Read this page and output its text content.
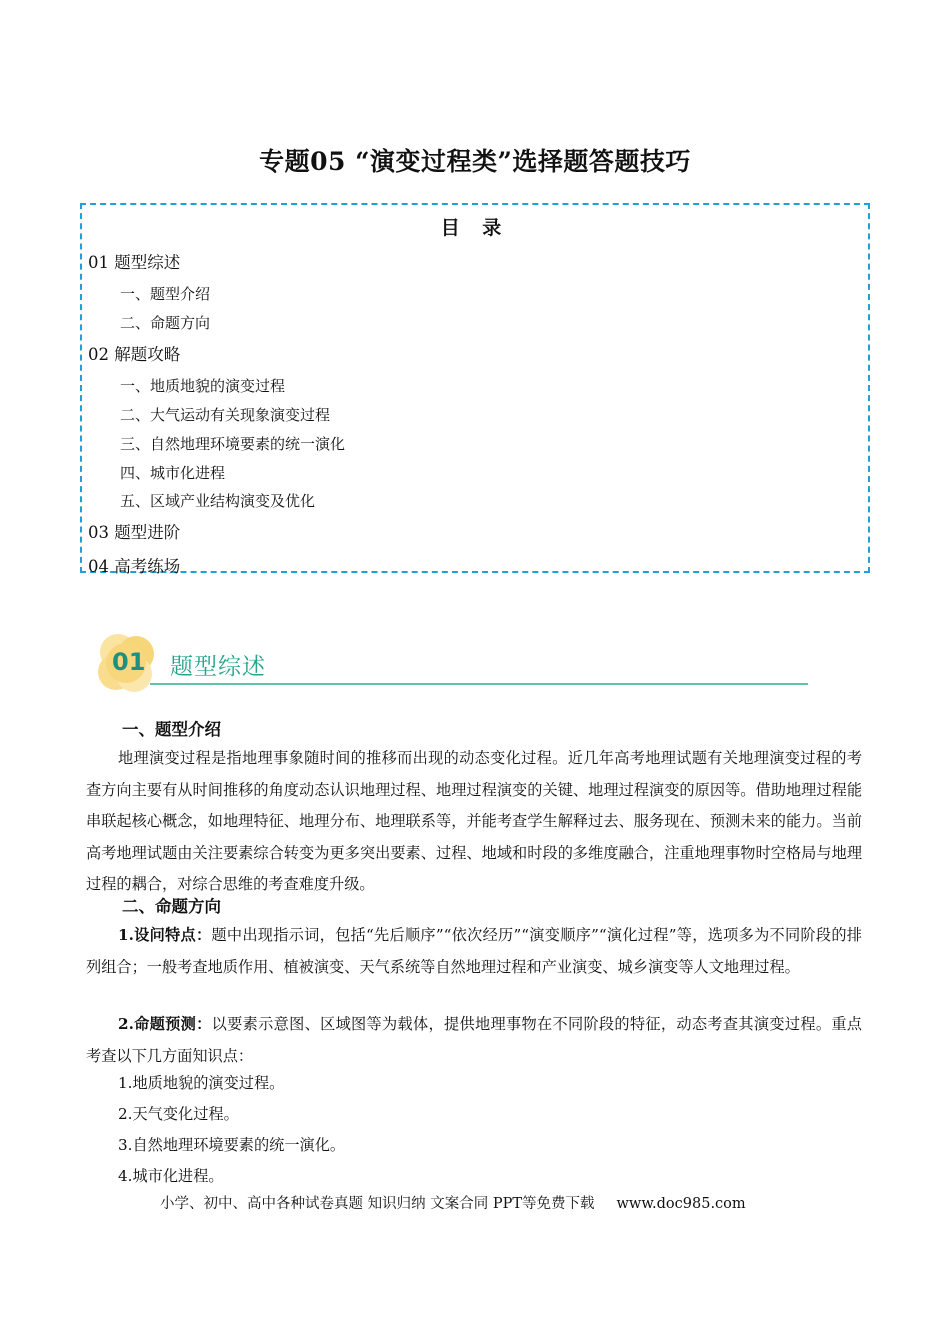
专题05 “演变过程类”选择题答题技巧
目 录
01 题型综述
一、题型介绍
二、命题方向
02 解题攻略
一、地质地貌的演变过程
二、大气运动有关现象演变过程
三、自然地理环境要素的统一演化
四、城市化进程
五、区域产业结构演变及优化
03 题型进阶
04 高考练场
01 题型综述
一、题型介绍
地理演变过程是指地理事象随时间的推移而出现的动态变化过程。近几年高考地理试题有关地理演变过程的考查方向主要有从时间推移的角度动态认识地理过程、地理过程演变的关键、地理过程演变的原因等。借助地理过程能串联起核心概念，如地理特征、地理分布、地理联系等，并能考查学生解释过去、服务现在、预测未来的能力。当前高考地理试题由关注要素综合转变为更多突出要素、过程、地域和时段的多维度融合，注重地理事物时空格局与地理过程的耦合，对综合思维的考查难度升级。
二、命题方向
1.设问特点：题中出现指示词，包括“先后顺序”“依次经历”“演变顺序”“演化过程”等，选项多为不同阶段的排列组合；一般考查地质作用、植被演变、天气系统等自然地理过程和产业演变、城乡演变等人文地理过程。
2.命题预测：以要素示意图、区域图等为载体，提供地理事物在不同阶段的特征，动态考查其演变过程。重点考查以下几方面知识点：
1.地质地貌的演变过程。
2.天气变化过程。
3.自然地理环境要素的统一演化。
4.城市化进程。
小学、初中、高中各种试卷真题 知识归纳 文案合同 PPT等免费下载 www.doc985.com
